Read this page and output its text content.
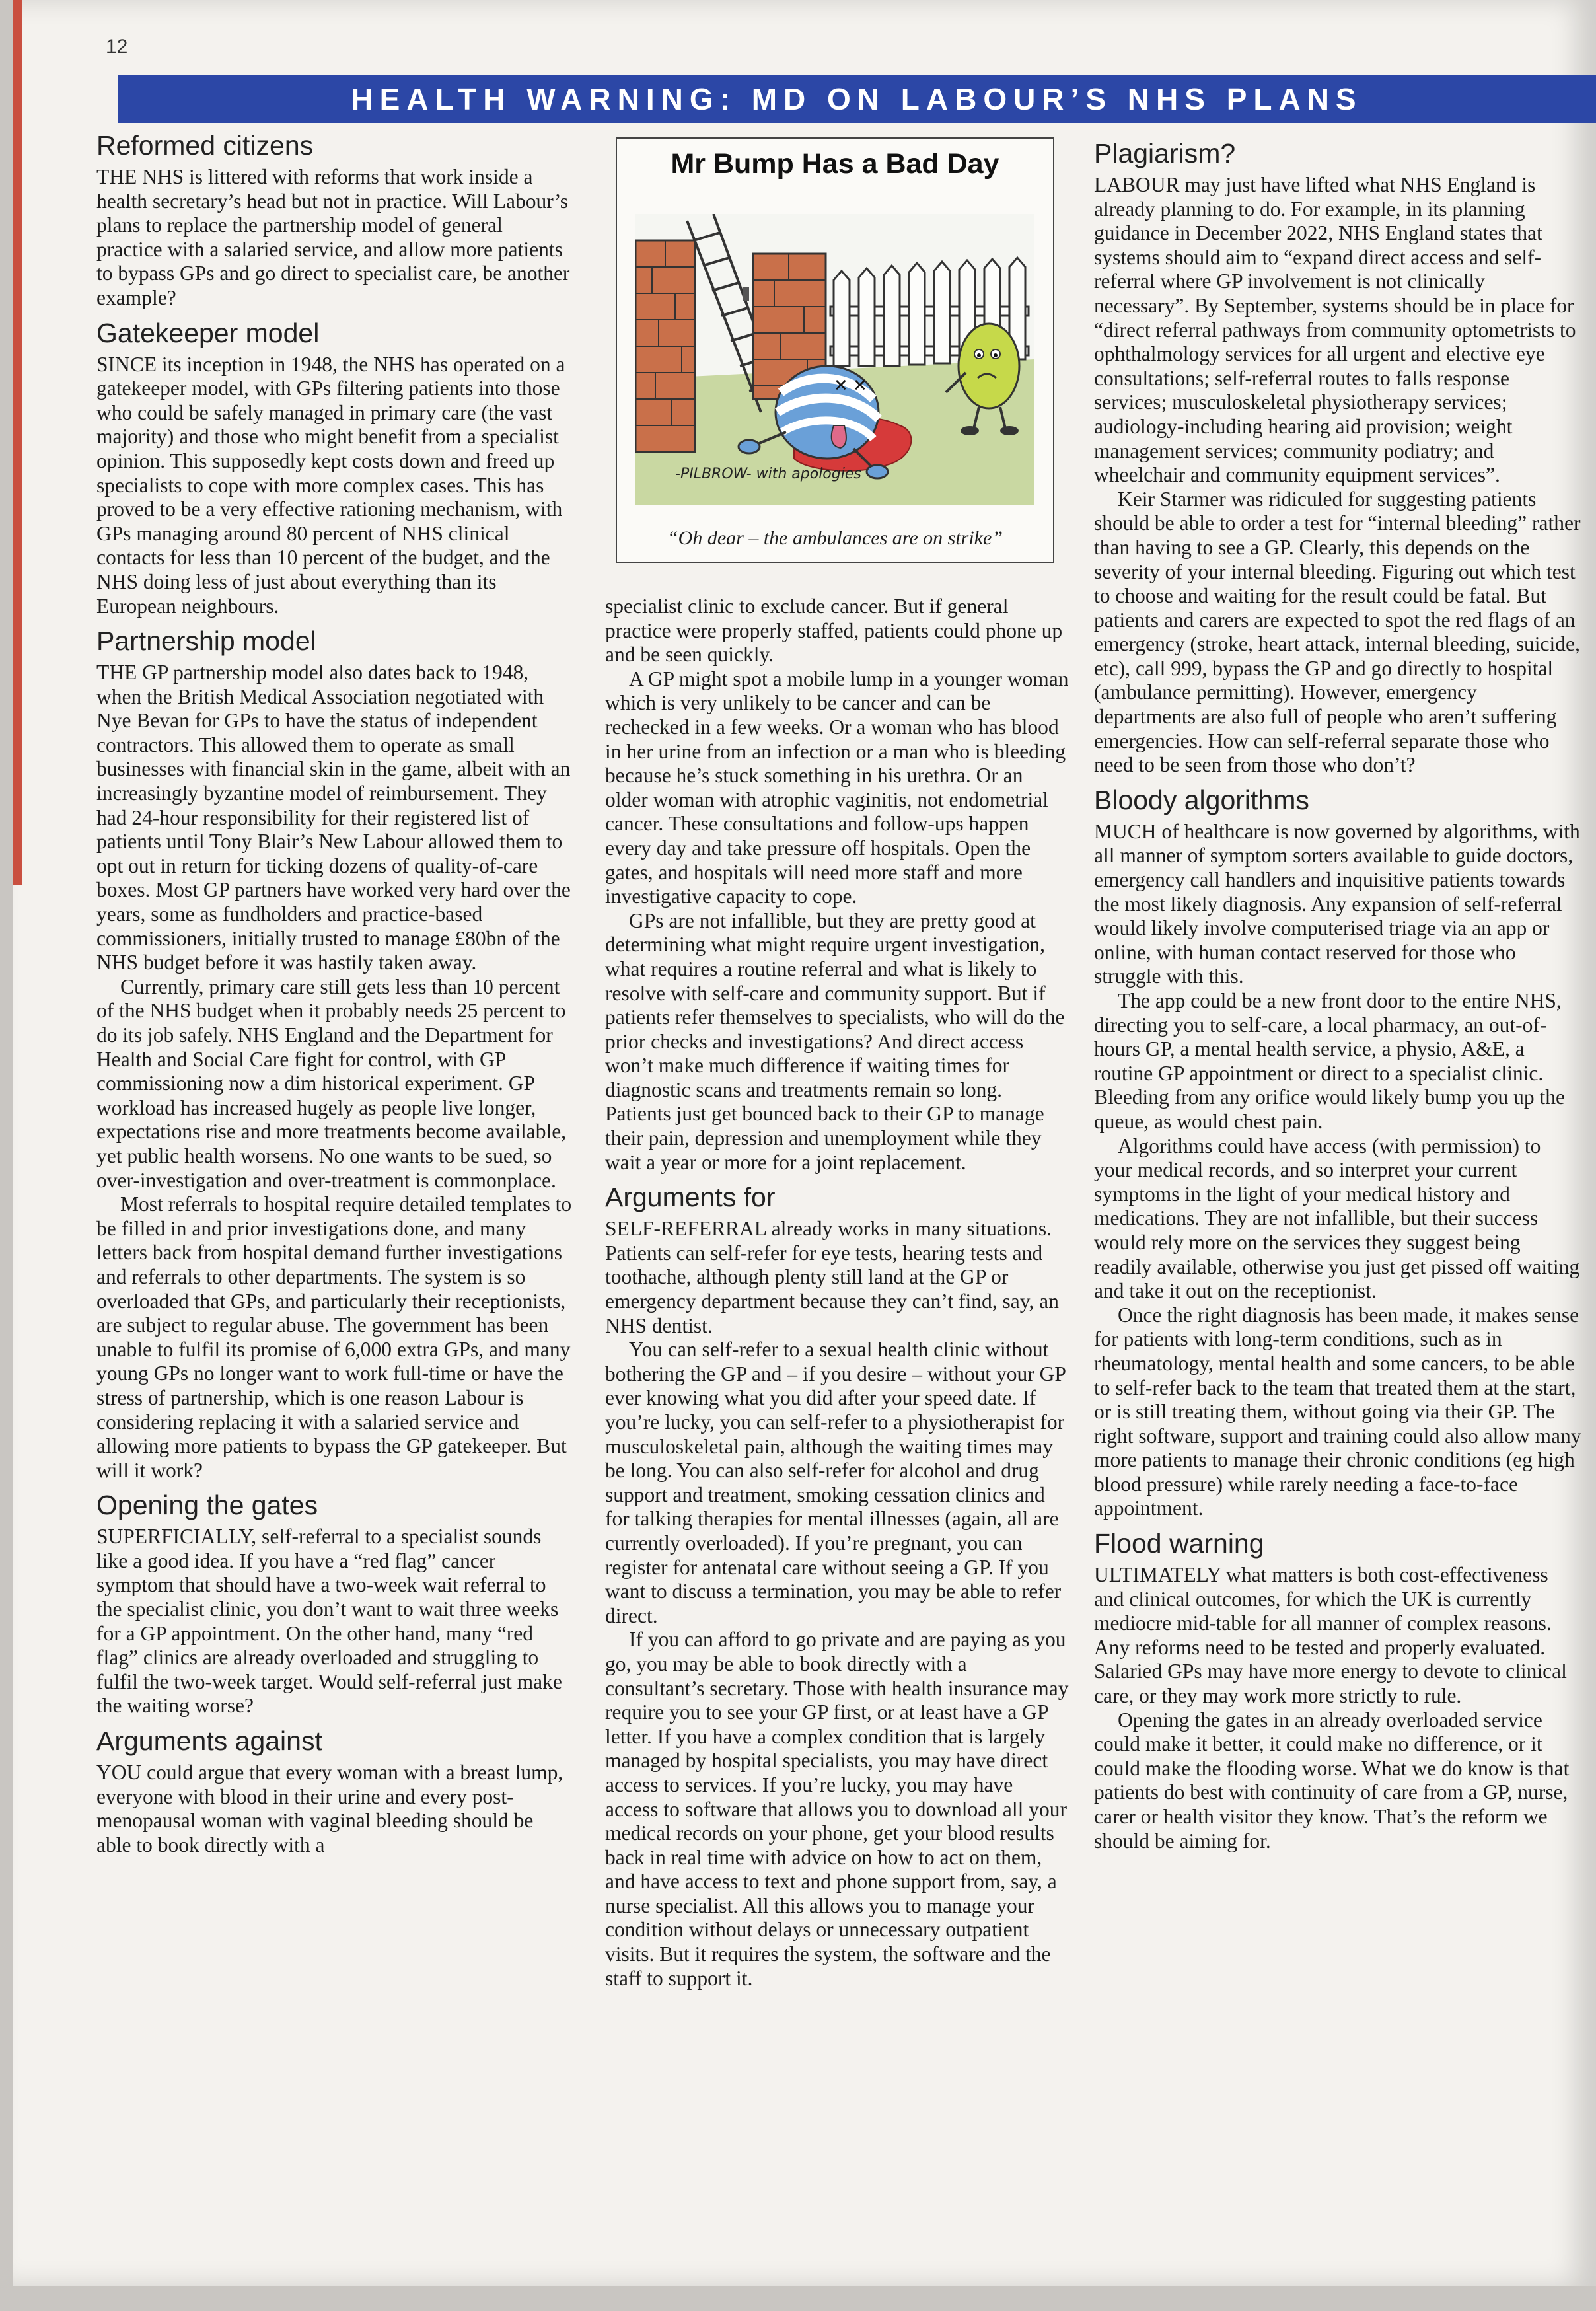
12
HEALTH WARNING: MD ON LABOUR’S NHS PLANS
Reformed citizens

THE NHS is littered with reforms that work inside a health secretary’s head but not in practice. Will Labour’s plans to replace the partnership model of general practice with a salaried service, and allow more patients to bypass GPs and go direct to specialist care, be another example?

Gatekeeper model

SINCE its inception in 1948, the NHS has operated on a gatekeeper model, with GPs filtering patients into those who could be safely managed in primary care (the vast majority) and those who might benefit from a specialist opinion. This supposedly kept costs down and freed up specialists to cope with more complex cases. This has proved to be a very effective rationing mechanism, with GPs managing around 80 percent of NHS clinical contacts for less than 10 percent of the budget, and the NHS doing less of just about everything than its European neighbours.

Partnership model

THE GP partnership model also dates back to 1948, when the British Medical Association negotiated with Nye Bevan for GPs to have the status of independent contractors. This allowed them to operate as small businesses with financial skin in the game, albeit with an increasingly byzantine model of reimbursement. They had 24-hour responsibility for their registered list of patients until Tony Blair’s New Labour allowed them to opt out in return for ticking dozens of quality-of-care boxes. Most GP partners have worked very hard over the years, some as fundholders and practice-based commissioners, initially trusted to manage £80bn of the NHS budget before it was hastily taken away.

Currently, primary care still gets less than 10 percent of the NHS budget when it probably needs 25 percent to do its job safely. NHS England and the Department for Health and Social Care fight for control, with GP commissioning now a dim historical experiment. GP workload has increased hugely as people live longer, expectations rise and more treatments become available, yet public health worsens. No one wants to be sued, so over-investigation and over-treatment is commonplace.

Most referrals to hospital require detailed templates to be filled in and prior investigations done, and many letters back from hospital demand further investigations and referrals to other departments. The system is so overloaded that GPs, and particularly their receptionists, are subject to regular abuse. The government has been unable to fulfil its promise of 6,000 extra GPs, and many young GPs no longer want to work full-time or have the stress of partnership, which is one reason Labour is considering replacing it with a salaried service and allowing more patients to bypass the GP gatekeeper. But will it work?

Opening the gates

SUPERFICIALLY, self-referral to a specialist sounds like a good idea. If you have a “red flag” cancer symptom that should have a two-week wait referral to the specialist clinic, you don’t want to wait three weeks for a GP appointment. On the other hand, many “red flag” clinics are already overloaded and struggling to fulfil the two-week target. Would self-referral just make the waiting worse?

Arguments against

YOU could argue that every woman with a breast lump, everyone with blood in their urine and every post-menopausal woman with vaginal bleeding should be able to book directly with a

Mr Bump Has a Bad Day
✕ ✕
-PILBROW- with apologies
“Oh dear – the ambulances are on strike”

specialist clinic to exclude cancer. But if general practice were properly staffed, patients could phone up and be seen quickly.

A GP might spot a mobile lump in a younger woman which is very unlikely to be cancer and can be rechecked in a few weeks. Or a woman who has blood in her urine from an infection or a man who is bleeding because he’s stuck something in his urethra. Or an older woman with atrophic vaginitis, not endometrial cancer. These consultations and follow-ups happen every day and take pressure off hospitals. Open the gates, and hospitals will need more staff and more investigative capacity to cope.

GPs are not infallible, but they are pretty good at determining what might require urgent investigation, what requires a routine referral and what is likely to resolve with self-care and community support. But if patients refer themselves to specialists, who will do the prior checks and investigations? And direct access won’t make much difference if waiting times for diagnostic scans and treatments remain so long. Patients just get bounced back to their GP to manage their pain, depression and unemployment while they wait a year or more for a joint replacement.

Arguments for

SELF-REFERRAL already works in many situations. Patients can self-refer for eye tests, hearing tests and toothache, although plenty still land at the GP or emergency department because they can’t find, say, an NHS dentist.

You can self-refer to a sexual health clinic without bothering the GP and – if you desire – without your GP ever knowing what you did after your speed date. If you’re lucky, you can self-refer to a physiotherapist for musculoskeletal pain, although the waiting times may be long. You can also self-refer for alcohol and drug support and treatment, smoking cessation clinics and for talking therapies for mental illnesses (again, all are currently overloaded). If you’re pregnant, you can register for antenatal care without seeing a GP. If you want to discuss a termination, you may be able to refer direct.

If you can afford to go private and are paying as you go, you may be able to book directly with a consultant’s secretary. Those with health insurance may require you to see your GP first, or at least have a GP letter. If you have a complex condition that is largely managed by hospital specialists, you may have direct access to services. If you’re lucky, you may have access to software that allows you to download all your medical records on your phone, get your blood results back in real time with advice on how to act on them, and have access to text and phone support from, say, a nurse specialist. All this allows you to manage your condition without delays or unnecessary outpatient visits. But it requires the system, the software and the staff to support it.

Plagiarism?

LABOUR may just have lifted what NHS England is already planning to do. For example, in its planning guidance in December 2022, NHS England states that systems should aim to “expand direct access and self-referral where GP involvement is not clinically necessary”. By September, systems should be in place for “direct referral pathways from community optometrists to ophthalmology services for all urgent and elective eye consultations; self-referral routes to falls response services; musculoskeletal physiotherapy services; audiology-including hearing aid provision; weight management services; community podiatry; and wheelchair and community equipment services”.

Keir Starmer was ridiculed for suggesting patients should be able to order a test for “internal bleeding” rather than having to see a GP. Clearly, this depends on the severity of your internal bleeding. Figuring out which test to choose and waiting for the result could be fatal. But patients and carers are expected to spot the red flags of an emergency (stroke, heart attack, internal bleeding, suicide, etc), call 999, bypass the GP and go directly to hospital (ambulance permitting). However, emergency departments are also full of people who aren’t suffering emergencies. How can self-referral separate those who need to be seen from those who don’t?

Bloody algorithms

MUCH of healthcare is now governed by algorithms, with all manner of symptom sorters available to guide doctors, emergency call handlers and inquisitive patients towards the most likely diagnosis. Any expansion of self-referral would likely involve computerised triage via an app or online, with human contact reserved for those who struggle with this.

The app could be a new front door to the entire NHS, directing you to self-care, a local pharmacy, an out-of-hours GP, a mental health service, a physio, A&E, a routine GP appointment or direct to a specialist clinic. Bleeding from any orifice would likely bump you up the queue, as would chest pain.

Algorithms could have access (with permission) to your medical records, and so interpret your current symptoms in the light of your medical history and medications. They are not infallible, but their success would rely more on the services they suggest being readily available, otherwise you just get pissed off waiting and take it out on the receptionist.

Once the right diagnosis has been made, it makes sense for patients with long-term conditions, such as in rheumatology, mental health and some cancers, to be able to self-refer back to the team that treated them at the start, or is still treating them, without going via their GP. The right software, support and training could also allow many more patients to manage their chronic conditions (eg high blood pressure) while rarely needing a face-to-face appointment.

Flood warning

ULTIMATELY what matters is both cost-effectiveness and clinical outcomes, for which the UK is currently mediocre mid-table for all manner of complex reasons. Any reforms need to be tested and properly evaluated. Salaried GPs may have more energy to devote to clinical care, or they may work more strictly to rule.

Opening the gates in an already overloaded service could make it better, it could make no difference, or it could make the flooding worse. What we do know is that patients do best with continuity of care from a GP, nurse, carer or health visitor they know. That’s the reform we should be aiming for.
